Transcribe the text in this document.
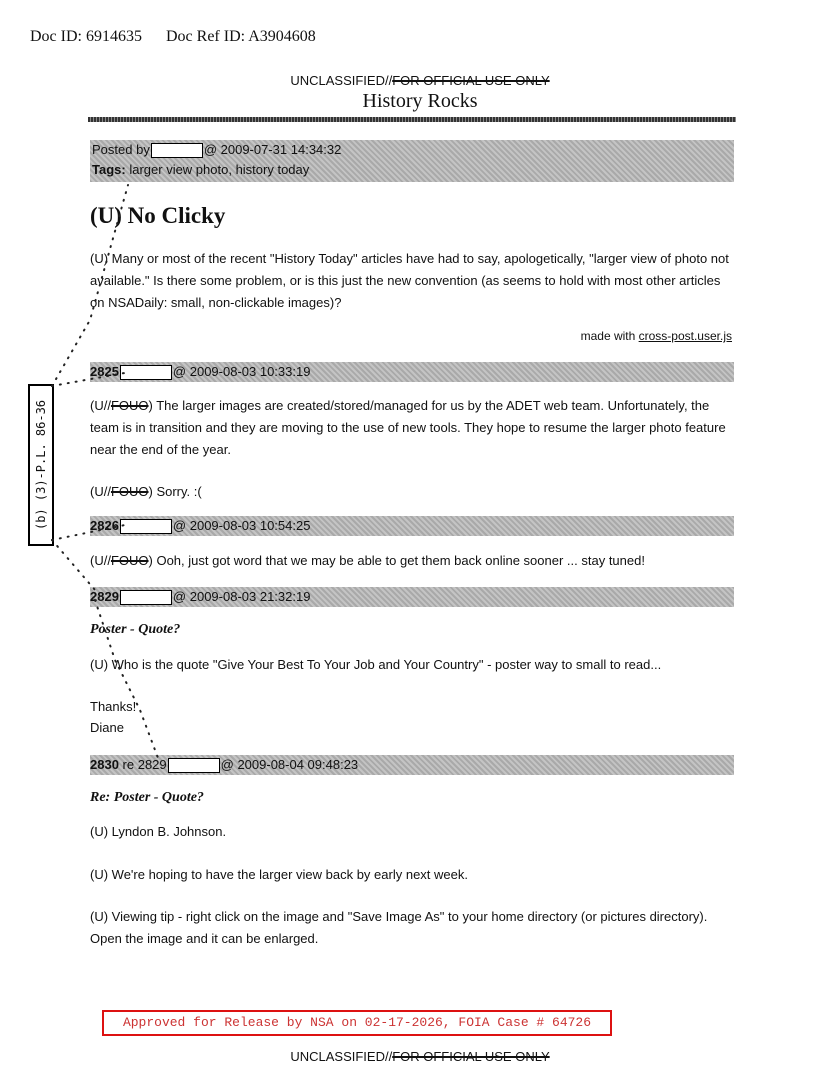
Doc ID: 6914635 Doc Ref ID: A3904608
UNCLASSIFIED//FOR OFFICIAL USE ONLY
History Rocks
Posted by	@ 2009-07-31 14:34:32
Tags: larger view photo, history today
(U) No Clicky
(U) Many or most of the recent "History Today" articles have had to say, apologetically, "larger view of photo not available." Is there some problem, or is this just the new convention (as seems to hold with most other articles on NSADaily: small, non-clickable images)?
made with cross-post.user.js
2825	@ 2009-08-03 10:33:19
(U//FOUO) The larger images are created/stored/managed for us by the ADET web team. Unfortunately, the team is in transition and they are moving to the use of new tools. They hope to resume the larger photo feature near the end of the year.
(U//FOUO) Sorry. :(
2826	@ 2009-08-03 10:54:25
(U//FOUO) Ooh, just got word that we may be able to get them back online sooner ... stay tuned!
2829	@ 2009-08-03 21:32:19
Poster - Quote?
(U) Who is the quote "Give Your Best To Your Job and Your Country" - poster way to small to read...
Thanks!
Diane
2830 re 2829	@ 2009-08-04 09:48:23
Re: Poster - Quote?
(U) Lyndon B. Johnson.
(U) We're hoping to have the larger view back by early next week.
(U) Viewing tip - right click on the image and "Save Image As" to your home directory (or pictures directory). Open the image and it can be enlarged.
(b) (3)-P.L. 86-36
Approved for Release by NSA on 02-17-2026, FOIA Case # 64726
UNCLASSIFIED//FOR OFFICIAL USE ONLY
